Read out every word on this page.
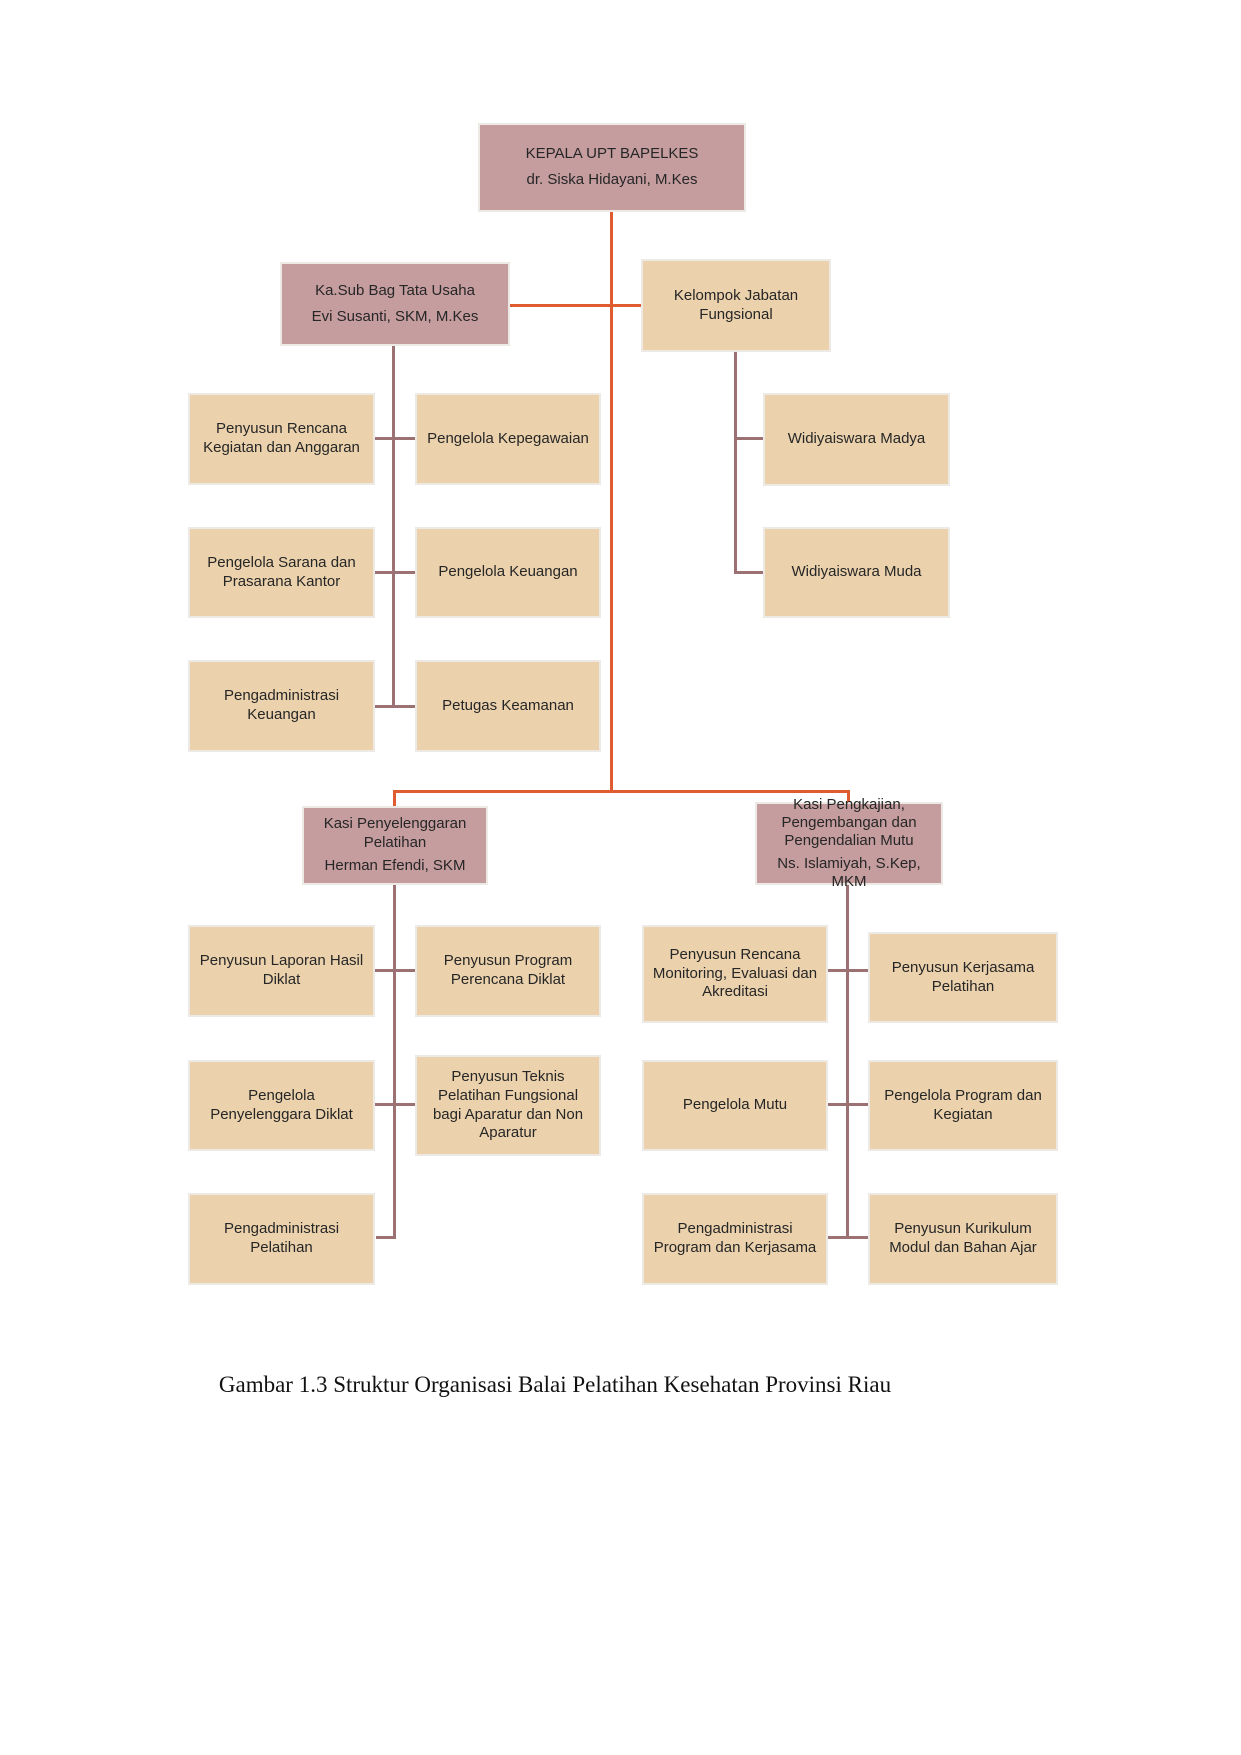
KEPALA UPT BAPELKES
dr. Siska Hidayani, M.Kes
Ka.Sub Bag Tata Usaha
Evi Susanti, SKM, M.Kes
Kelompok Jabatan Fungsional
Penyusun Rencana Kegiatan dan Anggaran
Pengelola Sarana dan Prasarana Kantor
Pengadministrasi Keuangan
Pengelola Kepegawaian
Pengelola Keuangan
Petugas Keamanan
Widiyaiswara Madya
Widiyaiswara Muda
Kasi Penyelenggaran Pelatihan
Herman Efendi, SKM
Kasi Pengkajian, Pengembangan dan Pengendalian Mutu
Ns. Islamiyah, S.Kep, MKM
Penyusun Laporan Hasil Diklat
Pengelola Penyelenggara Diklat
Pengadministrasi Pelatihan
Penyusun Program Perencana Diklat
Penyusun Teknis Pelatihan Fungsional bagi Aparatur dan Non Aparatur
Penyusun Rencana Monitoring, Evaluasi dan Akreditasi
Pengelola Mutu
Pengadministrasi Program dan Kerjasama
Penyusun Kerjasama Pelatihan
Pengelola Program dan Kegiatan
Penyusun Kurikulum Modul dan Bahan Ajar
Gambar 1.3 Struktur Organisasi Balai Pelatihan Kesehatan Provinsi Riau
